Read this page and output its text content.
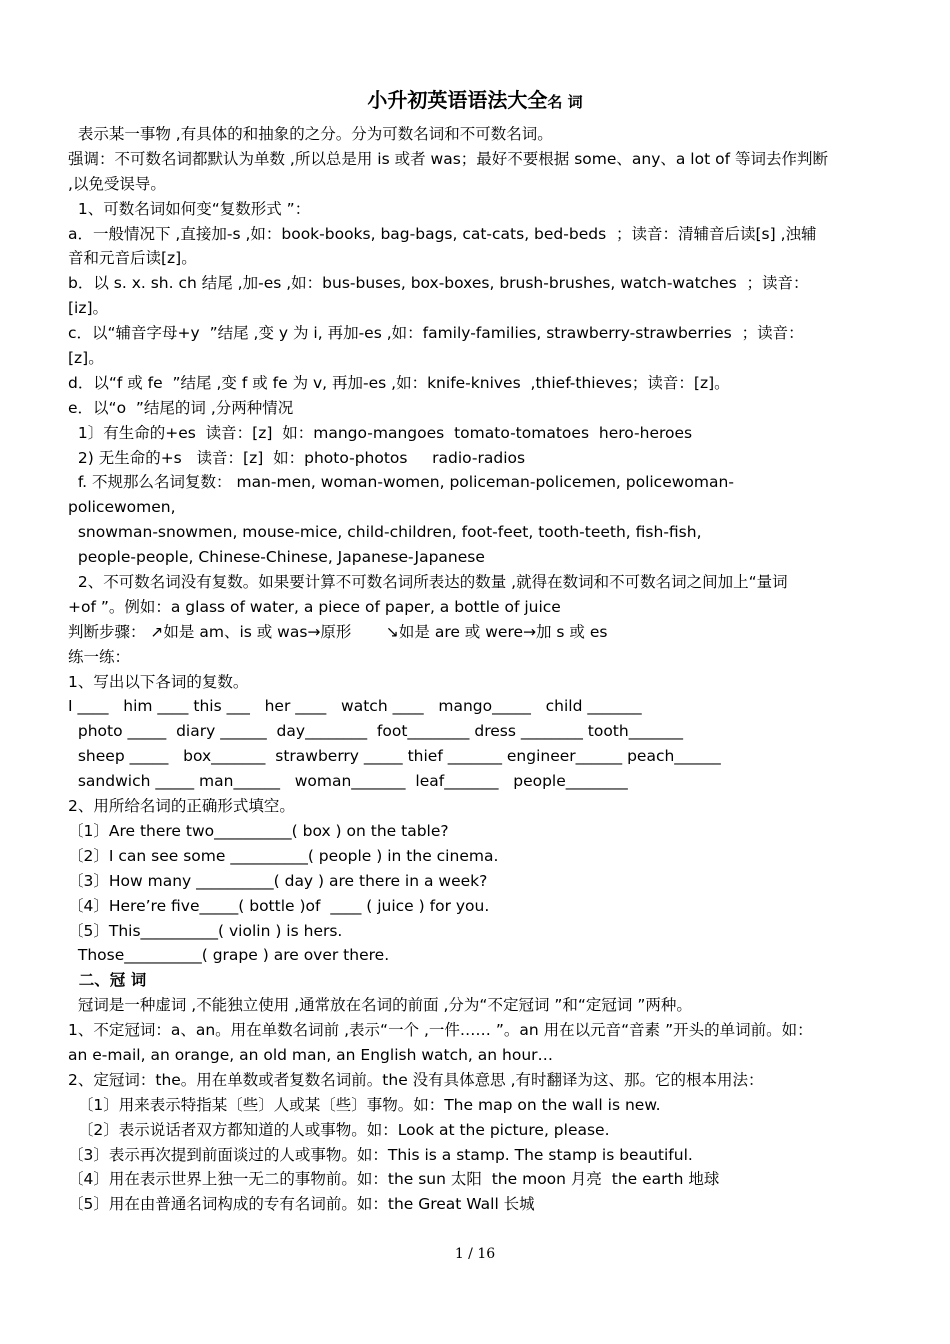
小升初英语语法大全名 词
表示某一事物 ,有具体的和抽象的之分。分为可数名词和不可数名词。
强调：不可数名词都默认为单数 ,所以总是用 is 或者 was；最好不要根据 some、any、a lot of 等词去作判断
,以免受误导。
1、可数名词如何变“复数形式 ”：
a．一般情况下 ,直接加-s ,如：book-books, bag-bags, cat-cats, bed-beds  ；读音：清辅音后读[s] ,浊辅
音和元音后读[z]。
b．以 s. x. sh. ch 结尾 ,加-es ,如：bus-buses, box-boxes, brush-brushes, watch-watches  ；读音：
[iz]。
c．以“辅音字母+y  ”结尾 ,变 y 为 i, 再加-es ,如：family-families, strawberry-strawberries  ；读音：
[z]。
d．以“f 或 fe  ”结尾 ,变 f 或 fe 为 v, 再加-es ,如：knife-knives  ,thief-thieves；读音：[z]。
e．以“o  ”结尾的词 ,分两种情况
1〕有生命的+es  读音：[z]  如：mango-mangoes  tomato-tomatoes  hero-heroes
2) 无生命的+s   读音：[z]  如：photo-photos     radio-radios
f. 不规那么名词复数： man-men, woman-women, policeman-policemen, policewoman-
policewomen,
snowman-snowmen, mouse-mice, child-children, foot-feet, tooth-teeth, fish-fish,
people-people, Chinese-Chinese, Japanese-Japanese
2、不可数名词没有复数。如果要计算不可数名词所表达的数量 ,就得在数词和不可数名词之间加上“量词
+of ”。例如：a glass of water, a piece of paper, a bottle of juice
判断步骤： ↗如是 am、is 或 was→原形       ↘如是 are 或 were→加 s 或 es
练一练：
1、写出以下各词的复数。
I ____   him ____ this ___   her ____   watch ____   mango_____   child _______
photo _____  diary ______  day________  foot________ dress ________ tooth_______
sheep _____   box_______  strawberry _____ thief _______ engineer______ peach______
sandwich _____ man______   woman_______  leaf_______   people________
2、用所给名词的正确形式填空。
〔1〕Are there two__________( box ) on the table?
〔2〕I can see some __________( people ) in the cinema.
〔3〕How many __________( day ) are there in a week?
〔4〕Here’re five_____( bottle )of  ____ ( juice ) for you.
〔5〕This__________( violin ) is hers.
Those__________( grape ) are over there.
二、冠 词
冠词是一种虚词 ,不能独立使用 ,通常放在名词的前面 ,分为“不定冠词 ”和“定冠词 ”两种。
1、不定冠词：a、an。用在单数名词前 ,表示“一个 ,一件…… ”。an 用在以元音“音素 ”开头的单词前。如：
an e-mail, an orange, an old man, an English watch, an hour…
2、定冠词：the。用在单数或者复数名词前。the 没有具体意思 ,有时翻译为这、那。它的根本用法：
〔1〕用来表示特指某〔些〕人或某〔些〕事物。如：The map on the wall is new.
〔2〕表示说话者双方都知道的人或事物。如：Look at the picture, please.
〔3〕表示再次提到前面谈过的人或事物。如：This is a stamp. The stamp is beautiful.
〔4〕用在表示世界上独一无二的事物前。如：the sun 太阳  the moon 月亮  the earth 地球
〔5〕用在由普通名词构成的专有名词前。如：the Great Wall 长城
1 / 16
